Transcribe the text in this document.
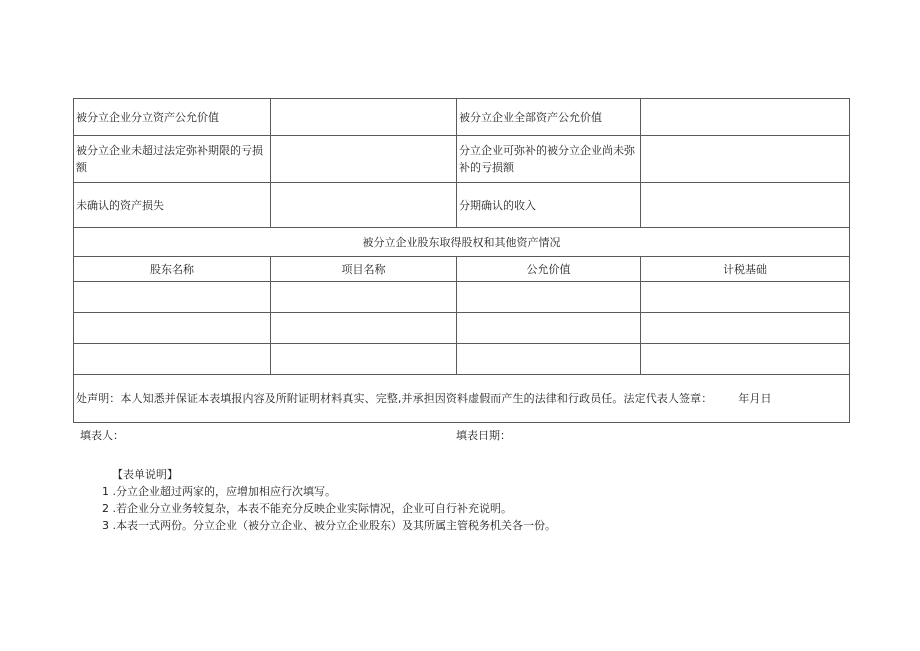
被分立企业分立资产公允价值		被分立企业全部资产公允价值	
被分立企业未超过法定弥补期限的亏损额		分立企业可弥补的被分立企业尚未弥补的亏损额	
未确认的资产损失		分期确认的收入	
被分立企业股东取得股权和其他资产情况			
股东名称	项目名称	公允价值	计税基础

处声明：本人知悉并保证本表填报内容及所附证明材料真实、完整,并承担因资料虚假而产生的法律和行政员任。法定代表人签章： 年月日			
填表人：	填表日期：
【表单说明】
1 .分立企业超过两家的，应增加相应行次填写。
2 .若企业分立业务较复杂，本表不能充分反映企业实际情况，企业可自行补充说明。
3 .本表一式两份。分立企业（被分立企业、被分立企业股东）及其所属主管税务机关各一份。
